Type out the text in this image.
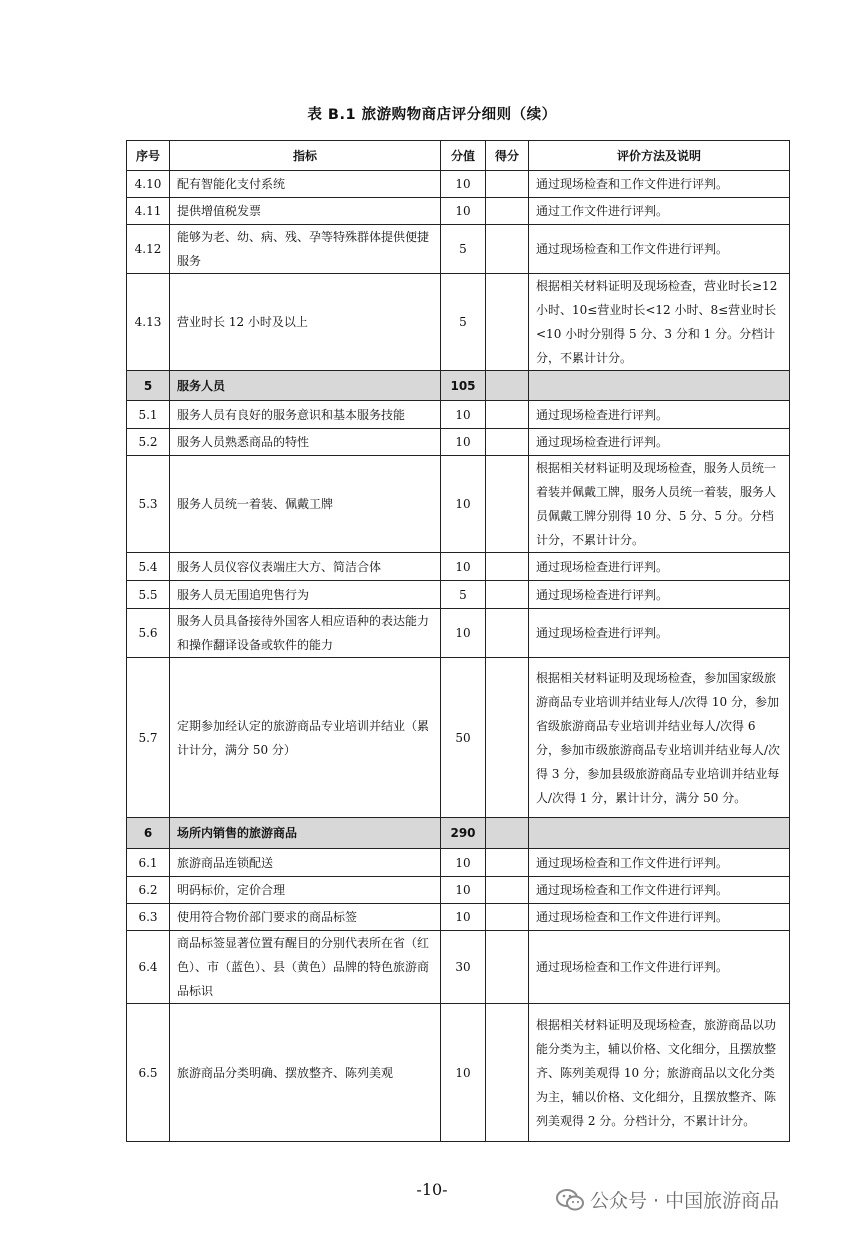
表 B.1 旅游购物商店评分细则（续）
序号	指标	分值	得分	评价方法及说明
4.10	配有智能化支付系统	10		通过现场检查和工作文件进行评判。
4.11	提供增值税发票	10		通过工作文件进行评判。
4.12	能够为老、幼、病、残、孕等特殊群体提供便捷服务	5		通过现场检查和工作文件进行评判。
4.13	营业时长 12 小时及以上	5		根据相关材料证明及现场检查，营业时长≥12 小时、10≤营业时长<12 小时、8≤营业时长<10 小时分别得 5 分、3 分和 1 分。分档计分，不累计计分。
5	服务人员	105		
5.1	服务人员有良好的服务意识和基本服务技能	10		通过现场检查进行评判。
5.2	服务人员熟悉商品的特性	10		通过现场检查进行评判。
5.3	服务人员统一着装、佩戴工牌	10		根据相关材料证明及现场检查，服务人员统一着装并佩戴工牌，服务人员统一着装，服务人员佩戴工牌分别得 10 分、5 分、5 分。分档计分，不累计计分。
5.4	服务人员仪容仪表端庄大方、简洁合体	10		通过现场检查进行评判。
5.5	服务人员无围追兜售行为	5		通过现场检查进行评判。
5.6	服务人员具备接待外国客人相应语种的表达能力和操作翻译设备或软件的能力	10		通过现场检查进行评判。
5.7	定期参加经认定的旅游商品专业培训并结业（累计计分，满分 50 分）	50		根据相关材料证明及现场检查，参加国家级旅游商品专业培训并结业每人/次得 10 分，参加省级旅游商品专业培训并结业每人/次得 6 分，参加市级旅游商品专业培训并结业每人/次得 3 分，参加县级旅游商品专业培训并结业每人/次得 1 分，累计计分，满分 50 分。
6	场所内销售的旅游商品	290		
6.1	旅游商品连锁配送	10		通过现场检查和工作文件进行评判。
6.2	明码标价，定价合理	10		通过现场检查和工作文件进行评判。
6.3	使用符合物价部门要求的商品标签	10		通过现场检查和工作文件进行评判。
6.4	商品标签显著位置有醒目的分别代表所在省（红色）、市（蓝色）、县（黄色）品牌的特色旅游商品标识	30		通过现场检查和工作文件进行评判。
6.5	旅游商品分类明确、摆放整齐、陈列美观	10		根据相关材料证明及现场检查，旅游商品以功能分类为主，辅以价格、文化细分，且摆放整齐、陈列美观得 10 分；旅游商品以文化分类为主，辅以价格、文化细分，且摆放整齐、陈列美观得 2 分。分档计分，不累计计分。
-10-
公众号 · 中国旅游商品
